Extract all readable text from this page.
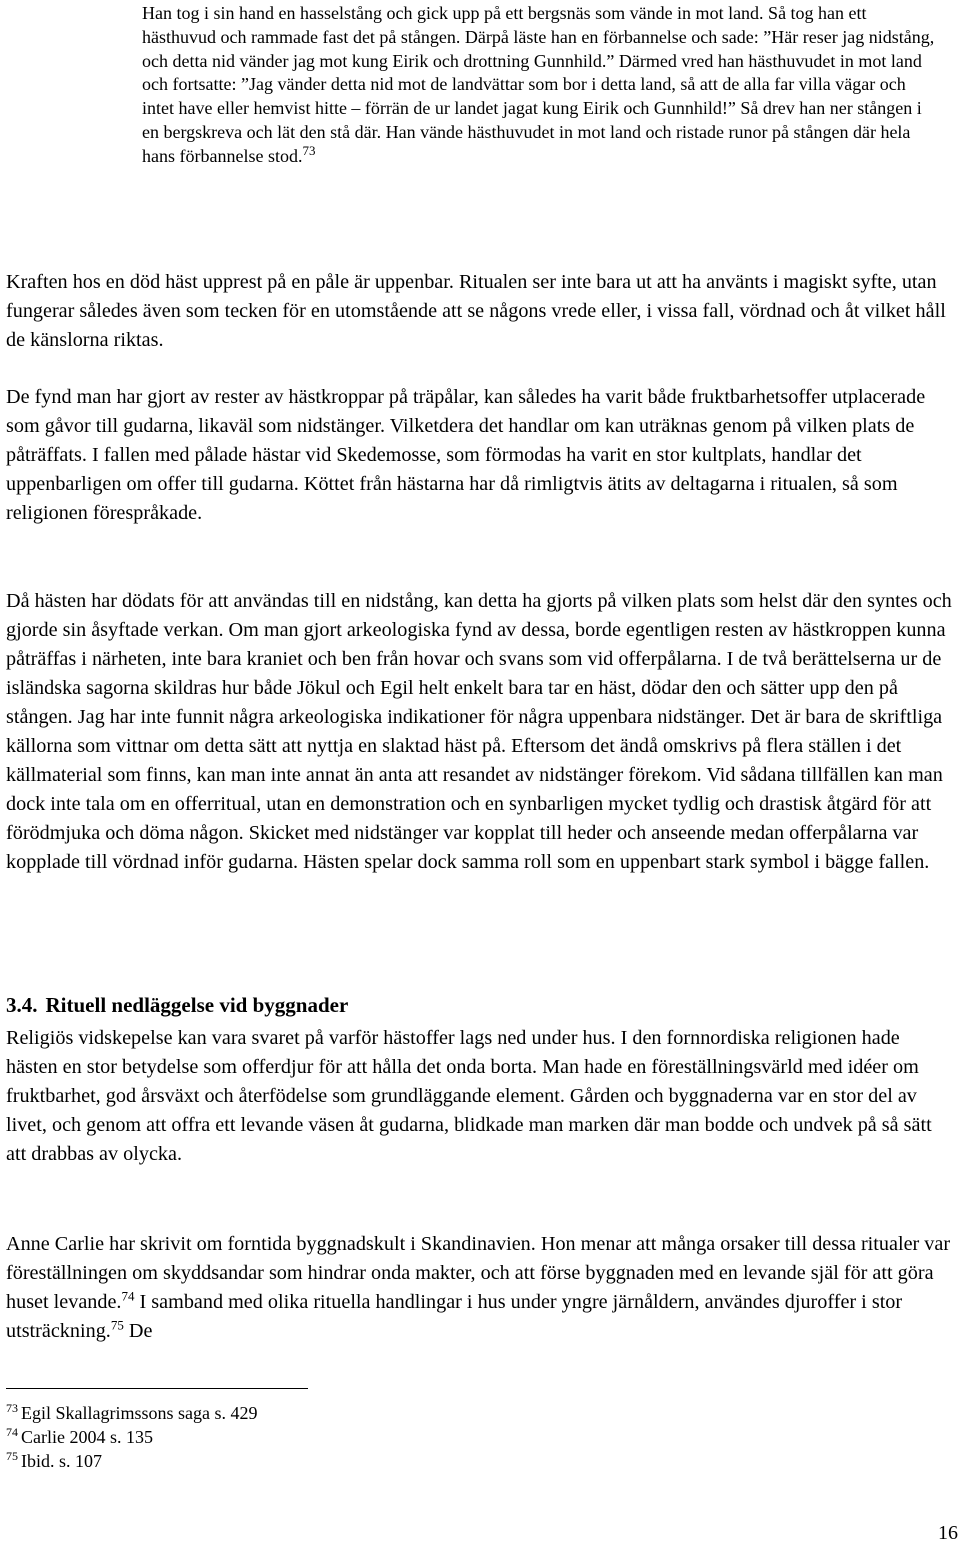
Han tog i sin hand en hasselstång och gick upp på ett bergsnäs som vände in mot land. Så tog han ett hästhuvud och rammade fast det på stången. Därpå läste han en förbannelse och sade: ”Här reser jag nidstång, och detta nid vänder jag mot kung Eirik och drottning Gunnhild.” Därmed vred han hästhuvudet in mot land och fortsatte: ”Jag vänder detta nid mot de landvättar som bor i detta land, så att de alla far villa vägar och intet have eller hemvist hitte – förrän de ur landet jagat kung Eirik och Gunnhild!” Så drev han ner stången i en bergskreva och lät den stå där. Han vände hästhuvudet in mot land och ristade runor på stången där hela hans förbannelse stod.$^{73}$

Kraften hos en död häst upprest på en påle är uppenbar. Ritualen ser inte bara ut att ha använts i magiskt syfte, utan fungerar således även som tecken för en utomstående att se någons vrede eller, i vissa fall, vördnad och åt vilket håll de känslorna riktas.

De fynd man har gjort av rester av hästkroppar på träpålar, kan således ha varit både fruktbarhetsoffer utplacerade som gåvor till gudarna, likaväl som nidstänger. Vilketdera det handlar om kan uträknas genom på vilken plats de påträffats. I fallen med pålade hästar vid Skedemosse, som förmodas ha varit en stor kultplats, handlar det uppenbarligen om offer till gudarna. Köttet från hästarna har då rimligtvis ätits av deltagarna i ritualen, så som religionen förespråkade.

Då hästen har dödats för att användas till en nidstång, kan detta ha gjorts på vilken plats som helst där den syntes och gjorde sin åsyftade verkan. Om man gjort arkeologiska fynd av dessa, borde egentligen resten av hästkroppen kunna påträffas i närheten, inte bara kraniet och ben från hovar och svans som vid offerpålarna. I de två berättelserna ur de isländska sagorna skildras hur både Jökul och Egil helt enkelt bara tar en häst, dödar den och sätter upp den på stången. Jag har inte funnit några arkeologiska indikationer för några uppenbara nidstänger. Det är bara de skriftliga källorna som vittnar om detta sätt att nyttja en slaktad häst på. Eftersom det ändå omskrivs på flera ställen i det källmaterial som finns, kan man inte annat än anta att resandet av nidstänger förekom. Vid sådana tillfällen kan man dock inte tala om en offerritual, utan en demonstration och en synbarligen mycket tydlig och drastisk åtgärd för att förödmjuka och döma någon. Skicket med nidstänger var kopplat till heder och anseende medan offerpålarna var kopplade till vördnad inför gudarna. Hästen spelar dock samma roll som en uppenbart stark symbol i bägge fallen.

3.4. Rituell nedläggelse vid byggnader

Religiös vidskepelse kan vara svaret på varför hästoffer lags ned under hus. I den fornnordiska religionen hade hästen en stor betydelse som offerdjur för att hålla det onda borta. Man hade en föreställningsvärld med idéer om fruktbarhet, god årsväxt och återfödelse som grundläggande element. Gården och byggnaderna var en stor del av livet, och genom att offra ett levande väsen åt gudarna, blidkade man marken där man bodde och undvek på så sätt att drabbas av olycka.

Anne Carlie har skrivit om forntida byggnadskult i Skandinavien. Hon menar att många orsaker till dessa ritualer var föreställningen om skyddsandar som hindrar onda makter, och att förse byggnaden med en levande själ för att göra huset levande.$^{74}$ I samband med olika rituella handlingar i hus under yngre järnåldern, användes djuroffer i stor utsträckning.$^{75}$ De

$^{73}$ Egil Skallagrimssons saga s. 429

$^{74}$ Carlie 2004 s. 135

$^{75}$ Ibid. s. 107

16
